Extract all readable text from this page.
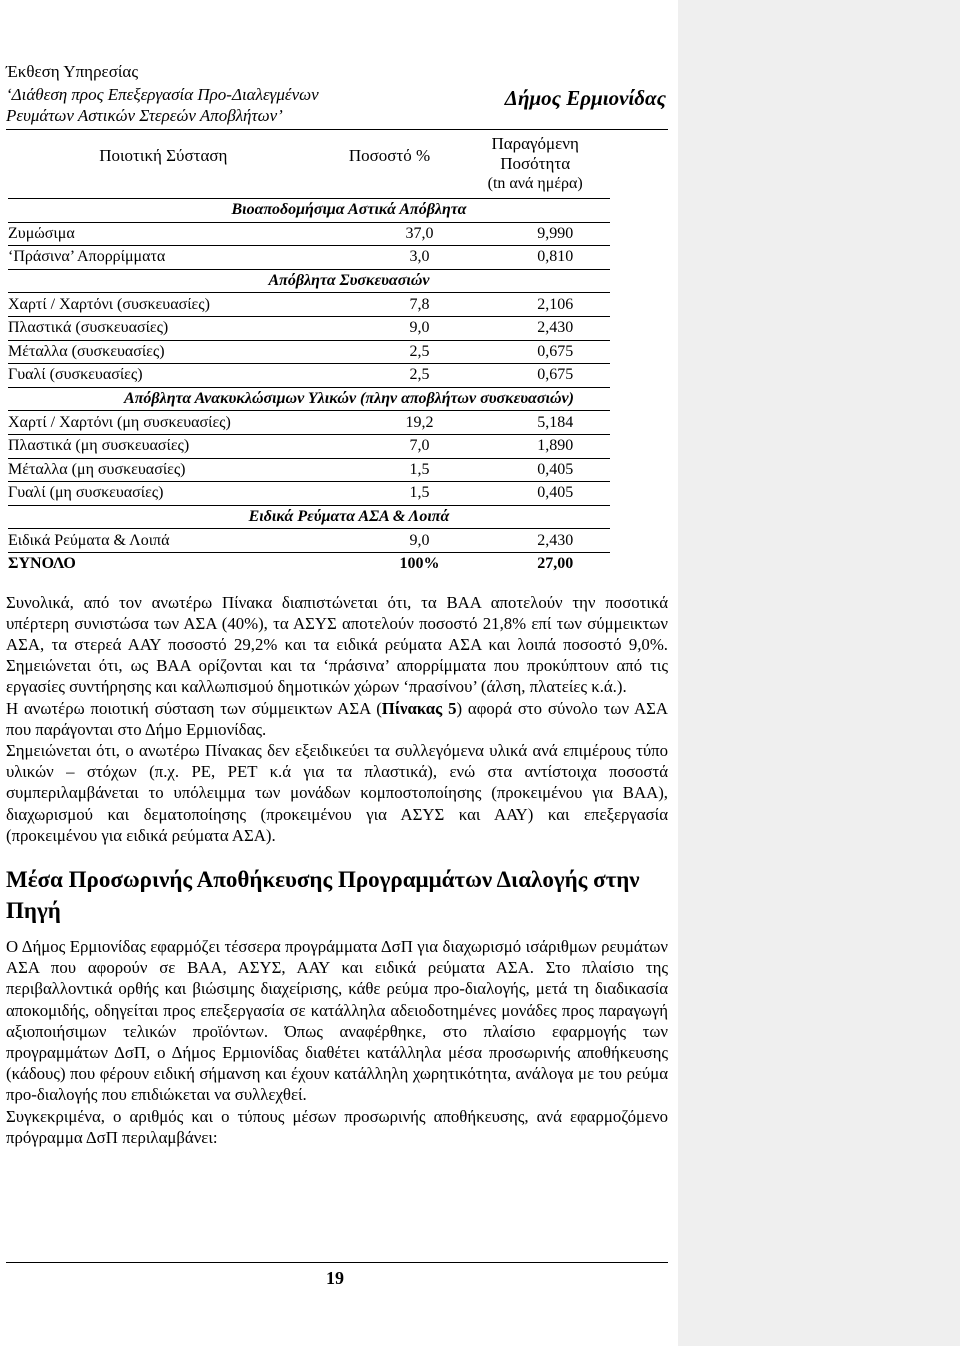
Έκθεση Υπηρεσίας
‘Διάθεση προς Επεξεργασία Προ-Διαλεγμένων
Ρευμάτων Αστικών Στερεών Αποβλήτων’
Δήμος Ερμιονίδας
Ποιοτική Σύσταση	Ποσοστό %	Παραγόμενη
Ποσότητα
(tn ανά ημέρα)

Βιοαποδομήσιμα Αστικά Απόβλητα		
Ζυμώσιμα	37,0	9,990
‘Πράσινα’ Απορρίμματα	3,0	0,810
Απόβλητα Συσκευασιών		
Χαρτί / Χαρτόνι (συσκευασίες)	7,8	2,106
Πλαστικά (συσκευασίες)	9,0	2,430
Μέταλλα (συσκευασίες)	2,5	0,675
Γυαλί (συσκευασίες)	2,5	0,675
Απόβλητα Ανακυκλώσιμων Υλικών (πλην αποβλήτων συσκευασιών)		
Χαρτί / Χαρτόνι (μη συσκευασίες)	19,2	5,184
Πλαστικά (μη συσκευασίες)	7,0	1,890
Μέταλλα (μη συσκευασίες)	1,5	0,405
Γυαλί (μη συσκευασίες)	1,5	0,405
Ειδικά Ρεύματα ΑΣΑ & Λοιπά		
Ειδικά Ρεύματα & Λοιπά	9,0	2,430
ΣΥΝΟΛΟ	100%	27,00

Συνολικά, από τον ανωτέρω Πίνακα διαπιστώνεται ότι, τα ΒΑΑ αποτελούν την ποσοτικά υπέρτερη συνιστώσα των ΑΣΑ (40%), τα ΑΣΥΣ αποτελούν ποσοστό 21,8% επί των σύμμεικτων ΑΣΑ, τα στερεά ΑΑΥ ποσοστό 29,2% και τα ειδικά ρεύματα ΑΣΑ και λοιπά ποσοστό 9,0%. Σημειώνεται ότι, ως ΒΑΑ ορίζονται και τα ‘πράσινα’ απορρίμματα που προκύπτουν από τις εργασίες συντήρησης και καλλωπισμού δημοτικών χώρων ‘πρασίνου’ (άλση, πλατείες κ.ά.).

Η ανωτέρω ποιοτική σύσταση των σύμμεικτων ΑΣΑ (Πίνακας 5) αφορά στο σύνολο των ΑΣΑ που παράγονται στο Δήμο Ερμιονίδας.

Σημειώνεται ότι, ο ανωτέρω Πίνακας δεν εξειδικεύει τα συλλεγόμενα υλικά ανά επιμέρους τύπο υλικών – στόχων (π.χ. PE, PET κ.ά για τα πλαστικά), ενώ στα αντίστοιχα ποσοστά συμπεριλαμβάνεται το υπόλειμμα των μονάδων κομποστοποίησης (προκειμένου για ΒΑΑ), διαχωρισμού και δεματοποίησης (προκειμένου για ΑΣΥΣ και ΑΑΥ) και επεξεργασία (προκειμένου για ειδικά ρεύματα ΑΣΑ).

Μέσα Προσωρινής Αποθήκευσης Προγραμμάτων Διαλογής στην Πηγή

Ο Δήμος Ερμιονίδας εφαρμόζει τέσσερα προγράμματα ΔσΠ για διαχωρισμό ισάριθμων ρευμάτων ΑΣΑ που αφορούν σε ΒΑΑ, ΑΣΥΣ, ΑΑΥ και ειδικά ρεύματα ΑΣΑ. Στο πλαίσιο της περιβαλλοντικά ορθής και βιώσιμης διαχείρισης, κάθε ρεύμα προ-διαλογής, μετά τη διαδικασία αποκομιδής, οδηγείται προς επεξεργασία σε κατάλληλα αδειοδοτημένες μονάδες προς παραγωγή αξιοποιήσιμων τελικών προϊόντων. Όπως αναφέρθηκε, στο πλαίσιο εφαρμογής των προγραμμάτων ΔσΠ, ο Δήμος Ερμιονίδας διαθέτει κατάλληλα μέσα προσωρινής αποθήκευσης (κάδους) που φέρουν ειδική σήμανση και έχουν κατάλληλη χωρητικότητα, ανάλογα με του ρεύμα προ-διαλογής που επιδιώκεται να συλλεχθεί.

Συγκεκριμένα, ο αριθμός και ο τύπους μέσων προσωρινής αποθήκευσης, ανά εφαρμοζόμενο πρόγραμμα ΔσΠ περιλαμβάνει:

19
